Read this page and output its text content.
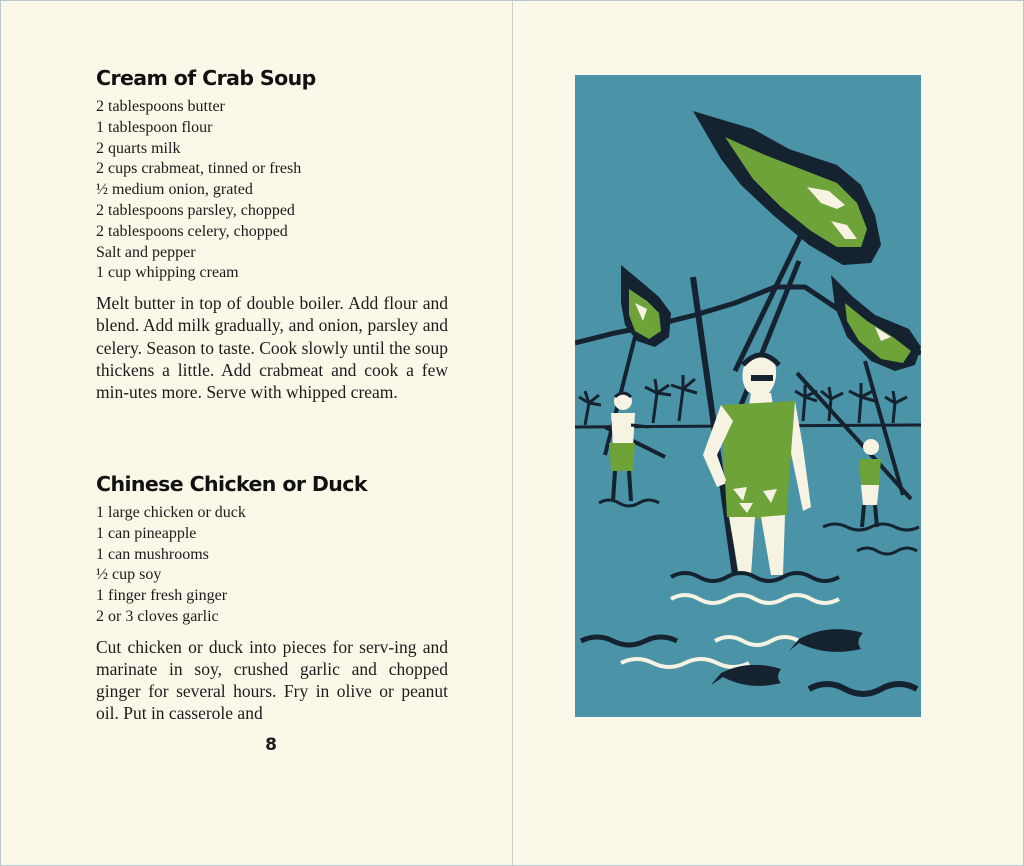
Cream of Crab Soup
2 tablespoons butter
1 tablespoon flour
2 quarts milk
2 cups crabmeat, tinned or fresh
½ medium onion, grated
2 tablespoons parsley, chopped
2 tablespoons celery, chopped
Salt and pepper
1 cup whipping cream

Melt butter in top of double boiler. Add flour and blend. Add milk gradually, and onion, parsley and celery. Season to taste. Cook slowly until the soup thickens a little. Add crabmeat and cook a few min-utes more. Serve with whipped cream.

Chinese Chicken or Duck
1 large chicken or duck
1 can pineapple
1 can mushrooms
½ cup soy
1 finger fresh ginger
2 or 3 cloves garlic

Cut chicken or duck into pieces for serv-ing and marinate in soy, crushed garlic and chopped ginger for several hours. Fry in olive or peanut oil. Put in casserole and

8
